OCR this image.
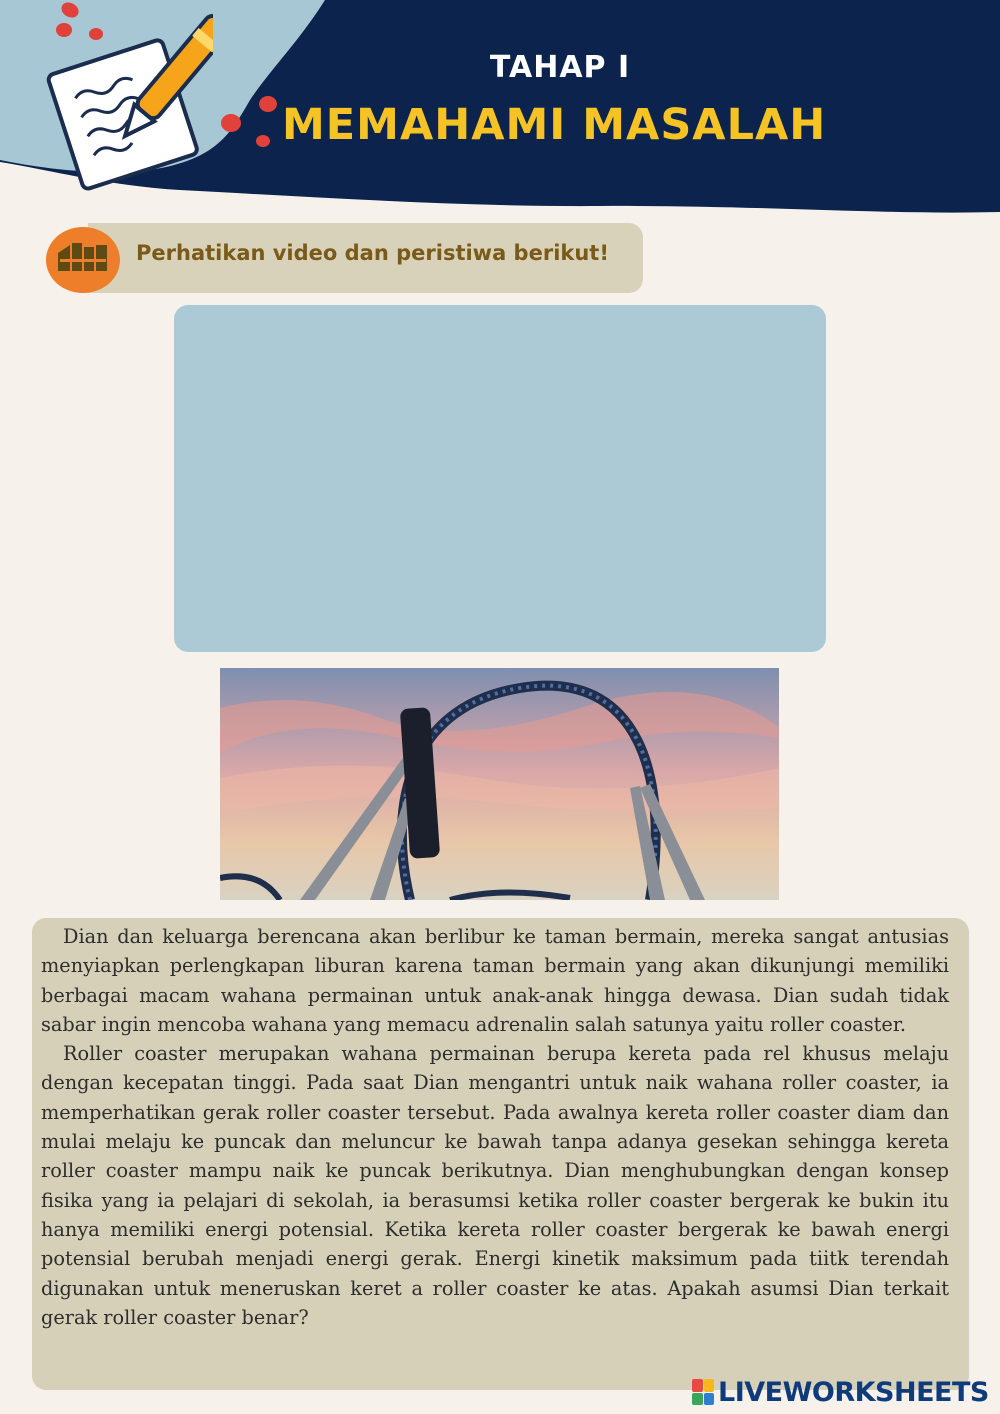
TAHAP I
MEMAHAMI MASALAH
Perhatikan video dan peristiwa berikut!

Dian dan keluarga berencana akan berlibur ke taman bermain, mereka sangat antusias menyiapkan perlengkapan liburan karena taman bermain yang akan dikunjungi memiliki berbagai macam wahana permainan untuk anak-anak hingga dewasa. Dian sudah tidak sabar ingin mencoba wahana yang memacu adrenalin salah satunya yaitu roller coaster.

Roller coaster merupakan wahana permainan berupa kereta pada rel khusus melaju dengan kecepatan tinggi. Pada saat Dian mengantri untuk naik wahana roller coaster, ia memperhatikan gerak roller coaster tersebut. Pada awalnya kereta roller coaster diam dan mulai melaju ke puncak dan meluncur ke bawah tanpa adanya gesekan sehingga kereta roller coaster mampu naik ke puncak berikutnya. Dian menghubungkan dengan konsep fisika yang ia pelajari di sekolah, ia berasumsi ketika roller coaster bergerak ke bukin itu hanya memiliki energi potensial. Ketika kereta roller coaster bergerak ke bawah energi potensial berubah menjadi energi gerak. Energi kinetik maksimum pada tiitk terendah digunakan untuk meneruskan keret a roller coaster ke atas. Apakah asumsi Dian terkait gerak roller coaster benar?

LIVEWORKSHEETS
